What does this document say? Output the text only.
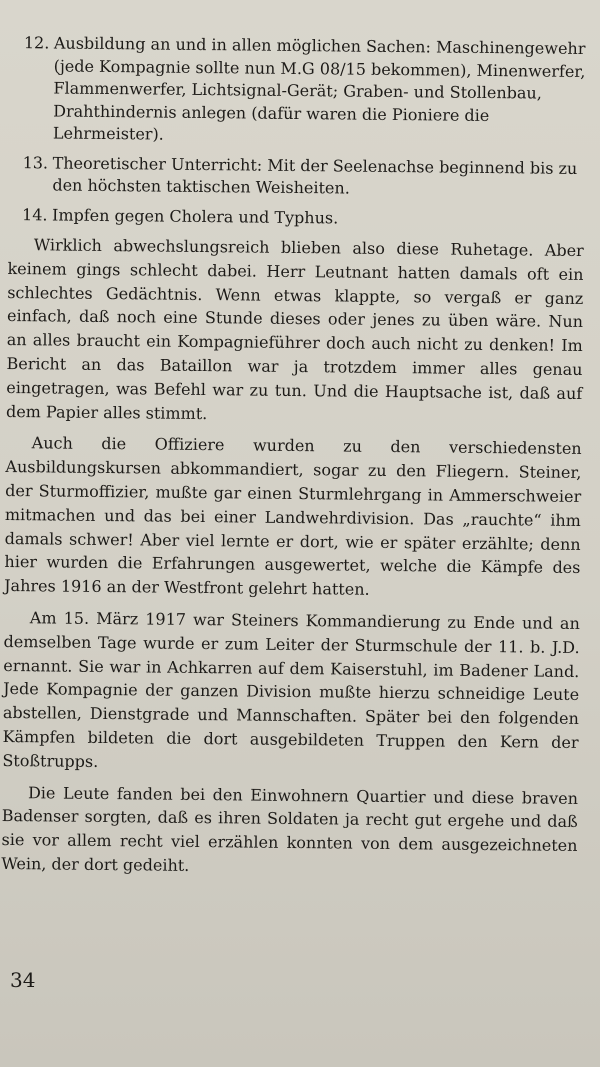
12. Ausbildung an und in allen möglichen Sachen: Maschinengewehr (jede Kompagnie sollte nun M.G 08/15 bekommen), Minenwerfer, Flammenwerfer, Lichtsignal-Gerät; Graben- und Stollenbau, Drahthindernis anlegen (dafür waren die Pioniere die Lehrmeister).
13. Theoretischer Unterricht: Mit der Seelenachse beginnend bis zu den höchsten taktischen Weisheiten.
14. Impfen gegen Cholera und Typhus.

Wirklich abwechslungsreich blieben also diese Ruhetage. Aber keinem gings schlecht dabei. Herr Leutnant hatten damals oft ein schlechtes Gedächtnis. Wenn etwas klappte, so vergaß er ganz einfach, daß noch eine Stunde dieses oder jenes zu üben wäre. Nun an alles braucht ein Kompagnieführer doch auch nicht zu denken! Im Bericht an das Bataillon war ja trotzdem immer alles genau eingetragen, was Befehl war zu tun. Und die Hauptsache ist, daß auf dem Papier alles stimmt.

Auch die Offiziere wurden zu den verschiedensten Ausbildungskursen abkommandiert, sogar zu den Fliegern. Steiner, der Sturmoffizier, mußte gar einen Sturmlehrgang in Ammerschweier mitmachen und das bei einer Landwehrdivision. Das „rauchte“ ihm damals schwer! Aber viel lernte er dort, wie er später erzählte; denn hier wurden die Erfahrungen ausgewertet, welche die Kämpfe des Jahres 1916 an der Westfront gelehrt hatten.

Am 15. März 1917 war Steiners Kommandierung zu Ende und an demselben Tage wurde er zum Leiter der Sturmschule der 11. b. J.D. ernannt. Sie war in Achkarren auf dem Kaiserstuhl, im Badener Land. Jede Kompagnie der ganzen Division mußte hierzu schneidige Leute abstellen, Dienstgrade und Mannschaften. Später bei den folgenden Kämpfen bildeten die dort ausgebildeten Truppen den Kern der Stoßtrupps.

Die Leute fanden bei den Einwohnern Quartier und diese braven Badenser sorgten, daß es ihren Soldaten ja recht gut ergehe und daß sie vor allem recht viel erzählen konnten von dem ausgezeichneten Wein, der dort gedeiht.

34
